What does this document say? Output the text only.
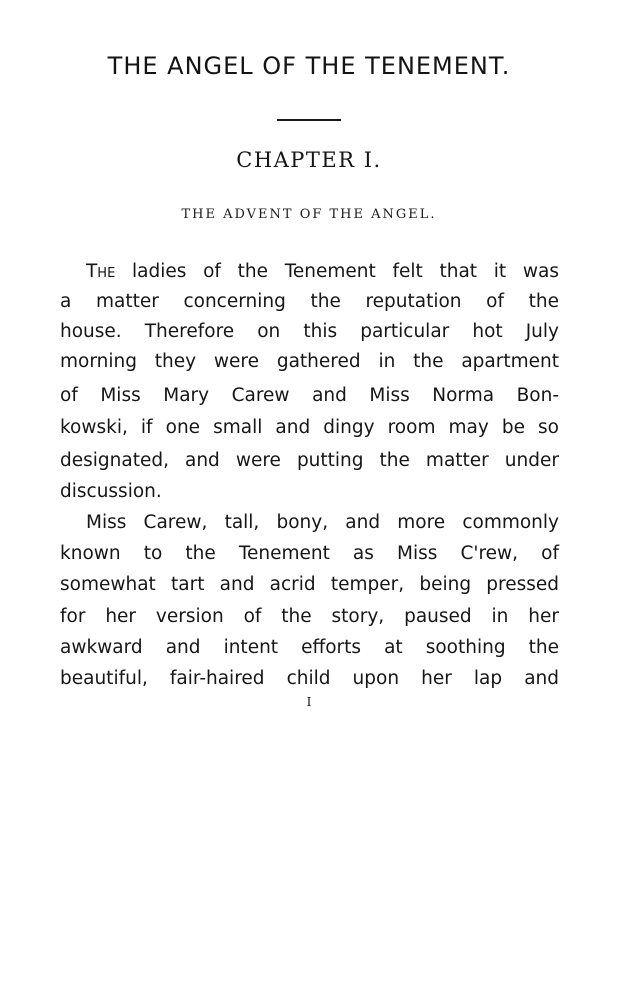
THE ANGEL OF THE TENEMENT.
CHAPTER I.
THE ADVENT OF THE ANGEL.
The ladies of the Tenement felt that it was
a matter concerning the reputation of the
house. Therefore on this particular hot July
morning they were gathered in the apartment
of Miss Mary Carew and Miss Norma Bon-
kowski, if one small and dingy room may be so
designated, and were putting the matter under
discussion.
Miss Carew, tall, bony, and more commonly
known to the Tenement as Miss C'rew, of
somewhat tart and acrid temper, being pressed
for her version of the story, paused in her
awkward and intent efforts at soothing the
beautiful, fair-haired child upon her lap and

I
